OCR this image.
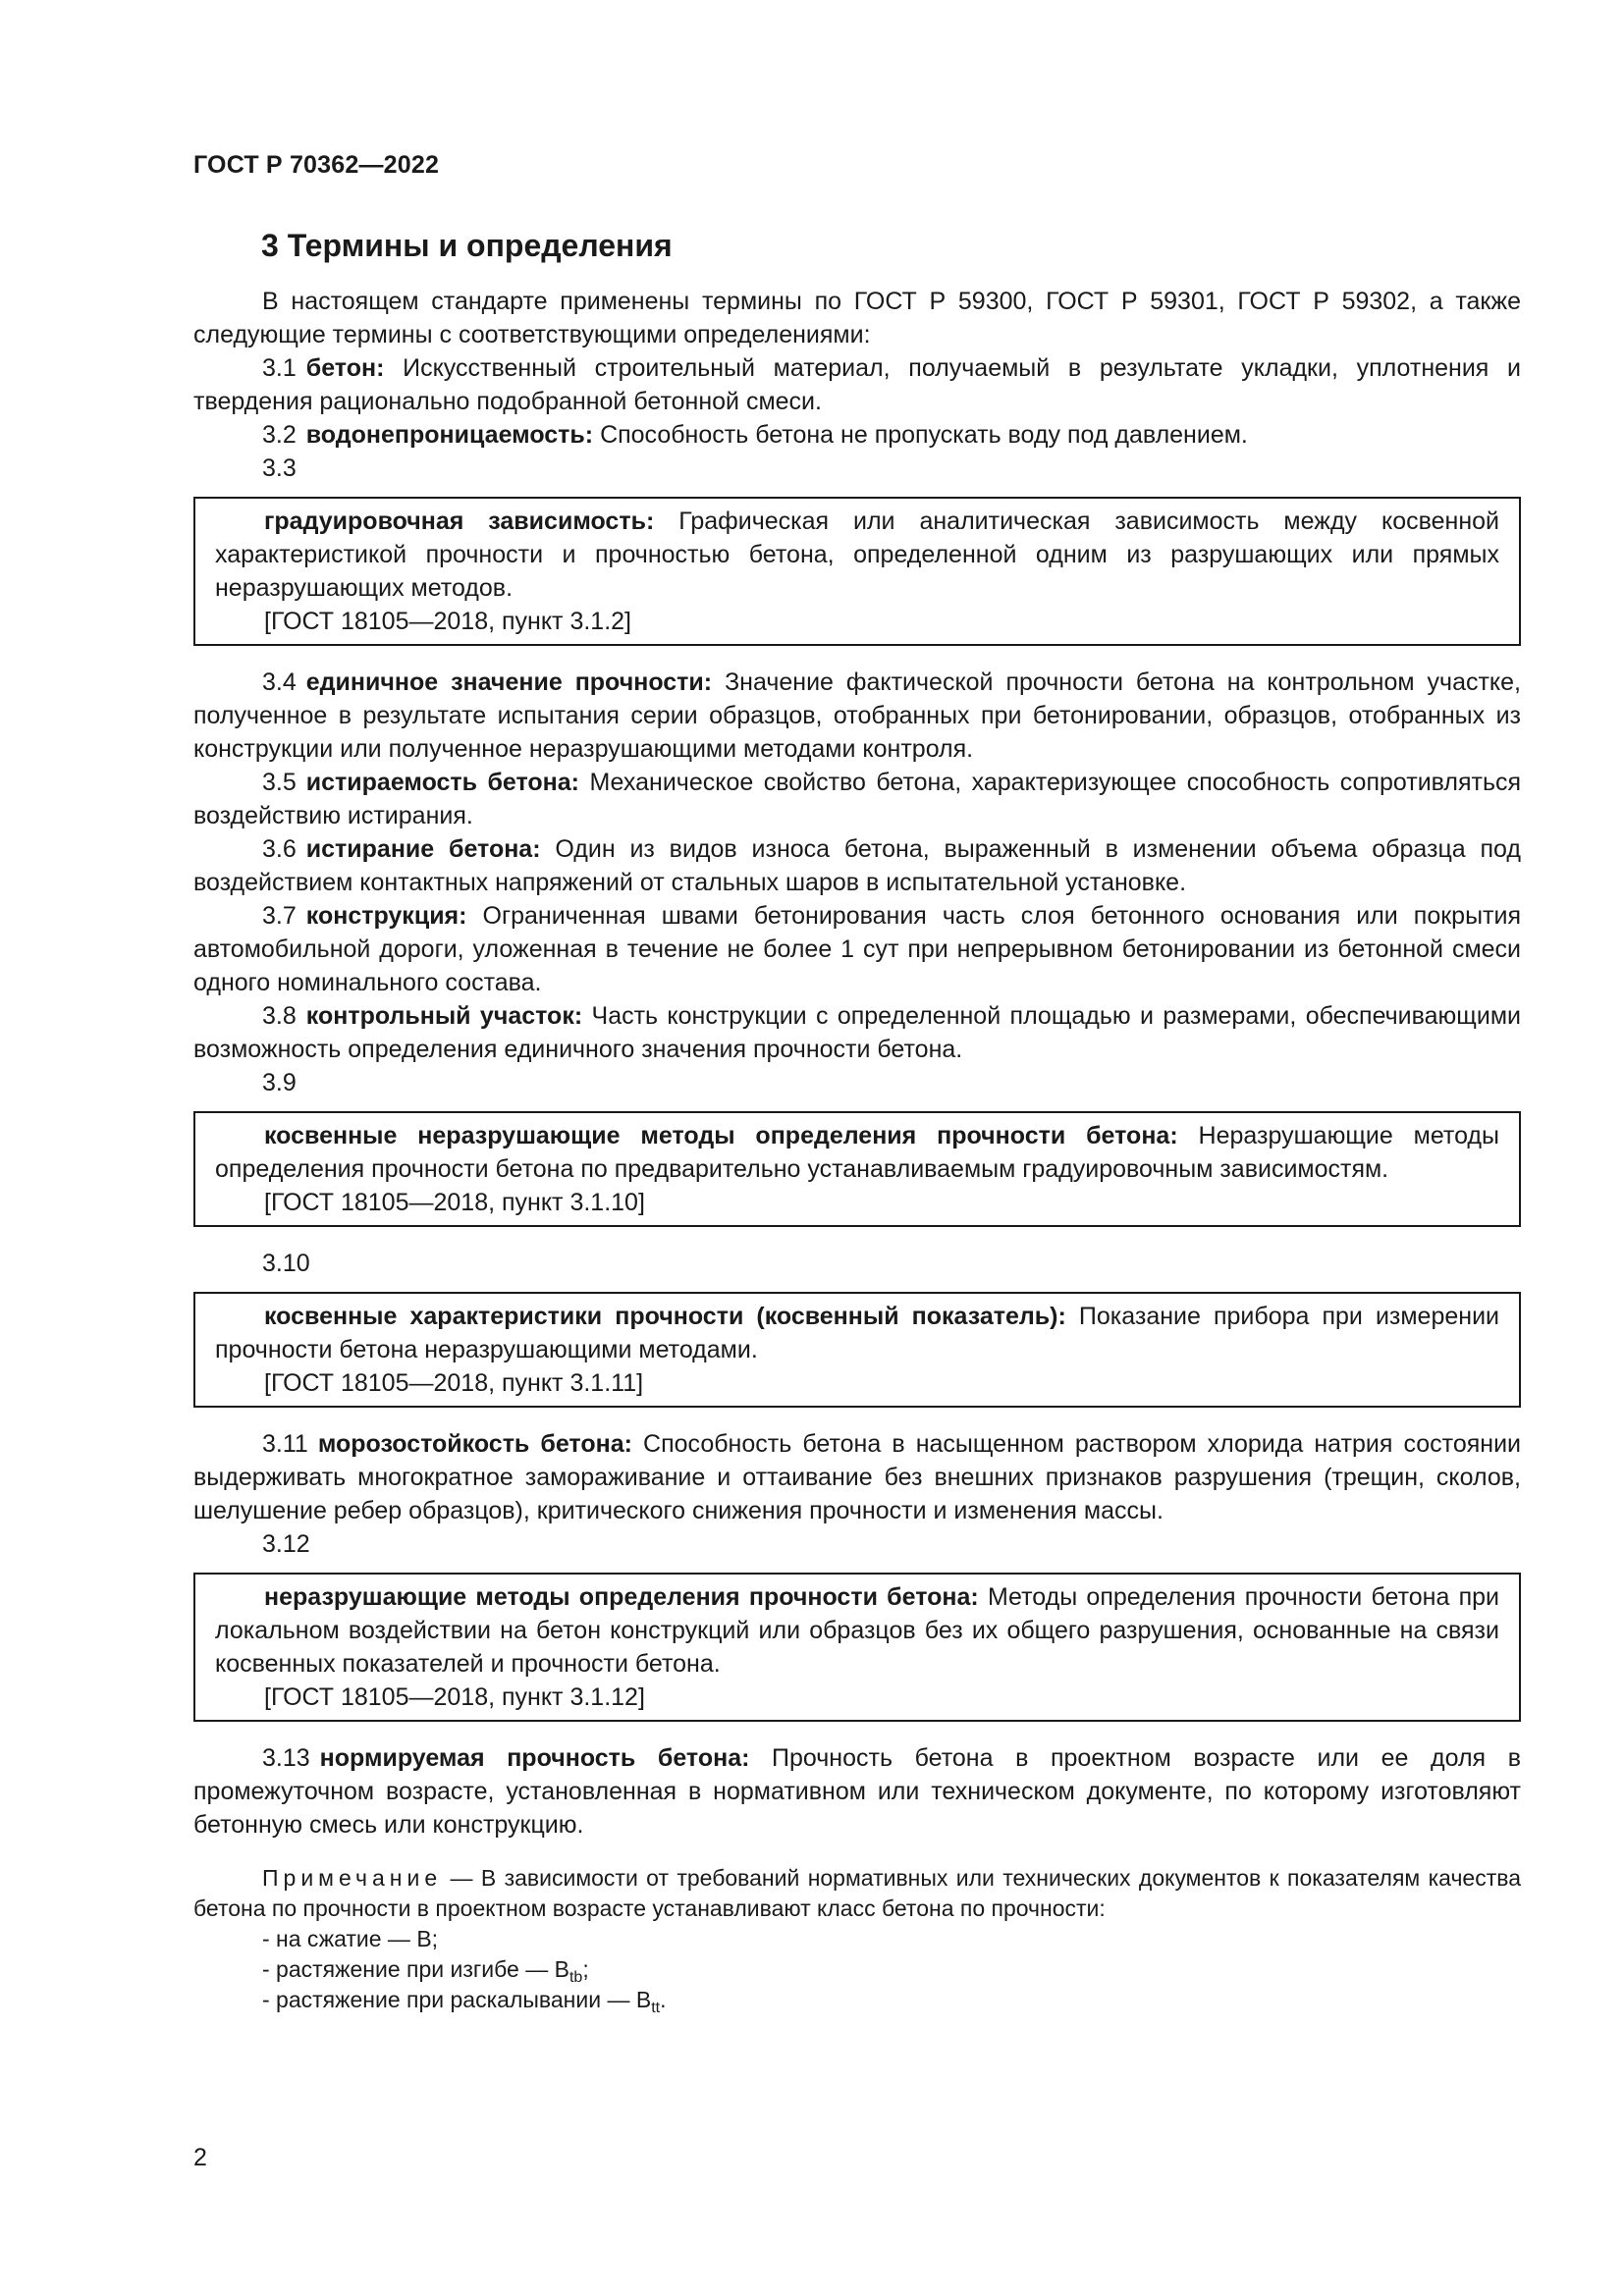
ГОСТ Р 70362—2022
3 Термины и определения

В настоящем стандарте применены термины по ГОСТ Р 59300, ГОСТ Р 59301, ГОСТ Р 59302, а также следующие термины с соответствующими определениями:

3.1 бетон: Искусственный строительный материал, получаемый в результате укладки, уплотнения и твердения рационально подобранной бетонной смеси.

3.2 водонепроницаемость: Способность бетона не пропускать воду под давлением.

3.3

градуировочная зависимость: Графическая или аналитическая зависимость между косвенной характеристикой прочности и прочностью бетона, определенной одним из разрушающих или прямых неразрушающих методов.

[ГОСТ 18105—2018, пункт 3.1.2]

3.4 единичное значение прочности: Значение фактической прочности бетона на контрольном участке, полученное в результате испытания серии образцов, отобранных при бетонировании, образцов, отобранных из конструкции или полученное неразрушающими методами контроля.

3.5 истираемость бетона: Механическое свойство бетона, характеризующее способность сопротивляться воздействию истирания.

3.6 истирание бетона: Один из видов износа бетона, выраженный в изменении объема образца под воздействием контактных напряжений от стальных шаров в испытательной установке.

3.7 конструкция: Ограниченная швами бетонирования часть слоя бетонного основания или покрытия автомобильной дороги, уложенная в течение не более 1 сут при непрерывном бетонировании из бетонной смеси одного номинального состава.

3.8 контрольный участок: Часть конструкции с определенной площадью и размерами, обеспечивающими возможность определения единичного значения прочности бетона.

3.9

косвенные неразрушающие методы определения прочности бетона: Неразрушающие методы определения прочности бетона по предварительно устанавливаемым градуировочным зависимостям.

[ГОСТ 18105—2018, пункт 3.1.10]

3.10

косвенные характеристики прочности (косвенный показатель): Показание прибора при измерении прочности бетона неразрушающими методами.

[ГОСТ 18105—2018, пункт 3.1.11]

3.11 морозостойкость бетона: Способность бетона в насыщенном раствором хлорида натрия состоянии выдерживать многократное замораживание и оттаивание без внешних признаков разрушения (трещин, сколов, шелушение ребер образцов), критического снижения прочности и изменения массы.

3.12

неразрушающие методы определения прочности бетона: Методы определения прочности бетона при локальном воздействии на бетон конструкций или образцов без их общего разрушения, основанные на связи косвенных показателей и прочности бетона.

[ГОСТ 18105—2018, пункт 3.1.12]

3.13 нормируемая прочность бетона: Прочность бетона в проектном возрасте или ее доля в промежуточном возрасте, установленная в нормативном или техническом документе, по которому изготовляют бетонную смесь или конструкцию.

Примечание — В зависимости от требований нормативных или технических документов к показателям качества бетона по прочности в проектном возрасте устанавливают класс бетона по прочности:

- на сжатие — B;
- растяжение при изгибе — $B_{tb}$;
- растяжение при раскалывании — $B_{tt}$.
2
